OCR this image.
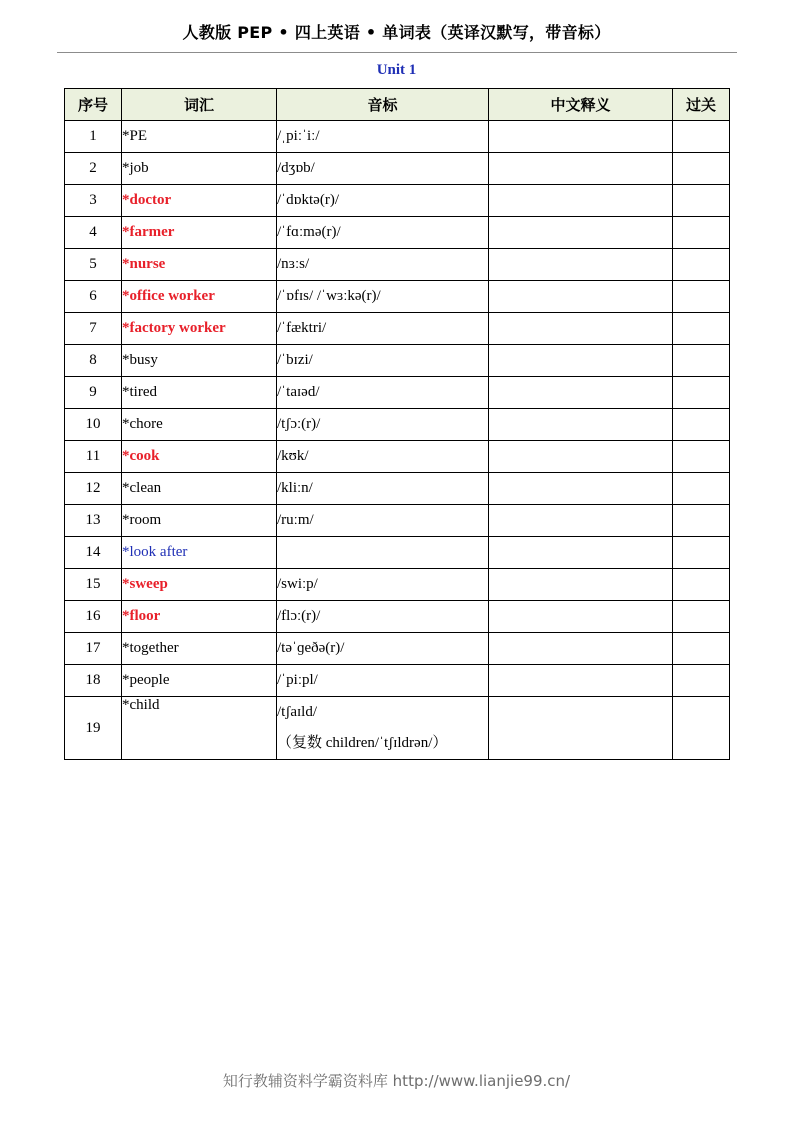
人教版 PEP • 四上英语 • 单词表（英译汉默写，带音标）
Unit 1
序号	词汇	音标	中文释义	过关
1	*PE	/ˌpiːˈiː/		
2	*job	/dʒɒb/		
3	*doctor	/ˈdɒktə(r)/		
4	*farmer	/ˈfɑːmə(r)/		
5	*nurse	/nɜːs/		
6	*office worker	/ˈɒfɪs/ /ˈwɜːkə(r)/		
7	*factory worker	/ˈfæktri/		
8	*busy	/ˈbɪzi/		
9	*tired	/ˈtaɪəd/		
10	*chore	/tʃɔː(r)/		
11	*cook	/kʊk/		
12	*clean	/kliːn/		
13	*room	/ruːm/		
14	*look after			
15	*sweep	/swiːp/		
16	*floor	/flɔː(r)/		
17	*together	/təˈɡeðə(r)/		
18	*people	/ˈpiːpl/		
19	*child	/tʃaɪld/
（复数 children/ˈtʃɪldrən/）		

知行教辅资料学霸资料库 http://www.lianjie99.cn/
